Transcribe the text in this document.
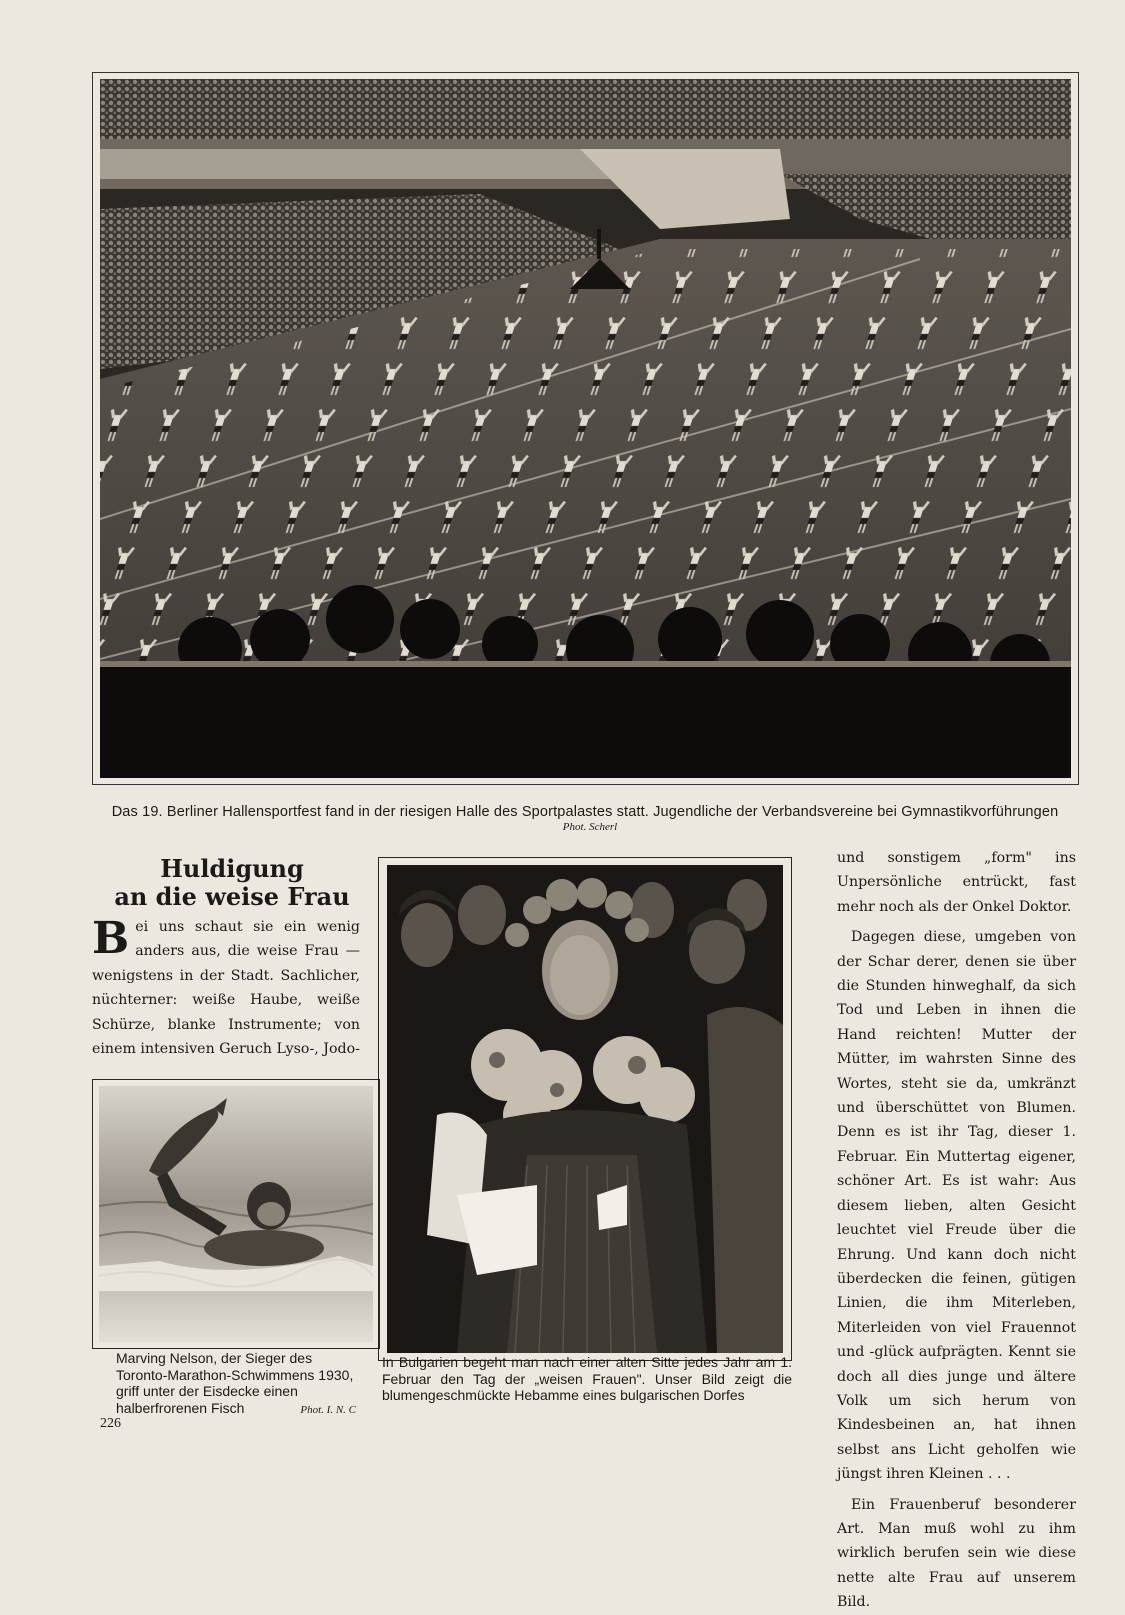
Das 19. Berliner Hallensportfest fand in der riesigen Halle des Sportpalastes statt. Jugendliche der Verbandsvereine bei Gymnastikvorführungen
Phot. Scherl
Huldigung
an die weise Frau
Bei uns schaut sie ein wenig anders aus, die weise Frau — wenigstens in der Stadt. Sachlicher, nüchterner: weiße Haube, weiße Schürze, blanke Instrumente; von einem intensiven Geruch Lyso-, Jodo-

und sonstigem „form" ins Unpersönliche entrückt, fast mehr noch als der Onkel Doktor.

Dagegen diese, umgeben von der Schar derer, denen sie über die Stunden hinweghalf, da sich Tod und Leben in ihnen die Hand reichten! Mutter der Mütter, im wahrsten Sinne des Wortes, steht sie da, umkränzt und überschüttet von Blumen. Denn es ist ihr Tag, dieser 1. Februar. Ein Muttertag eigener, schöner Art. Es ist wahr: Aus diesem lieben, alten Gesicht leuchtet viel Freude über die Ehrung. Und kann doch nicht überdecken die feinen, gütigen Linien, die ihm Miterleben, Miterleiden von viel Frauennot und -glück aufprägten. Kennt sie doch all dies junge und ältere Volk um sich herum von Kindesbeinen an, hat ihnen selbst ans Licht geholfen wie jüngst ihren Kleinen . . .

Ein Frauenberuf besonderer Art. Man muß wohl zu ihm wirklich berufen sein wie diese nette alte Frau auf unserem Bild.

Marving Nelson, der Sieger des Toronto-Marathon-Schwimmens 1930, griff unter der Eisdecke einen halberfrorenen Fisch	Phot. I. N. C
In Bulgarien begeht man nach einer alten Sitte jedes Jahr am 1. Februar den Tag der „weisen Frauen". Unser Bild zeigt die blumengeschmückte Hebamme eines bulgarischen Dorfes
226
